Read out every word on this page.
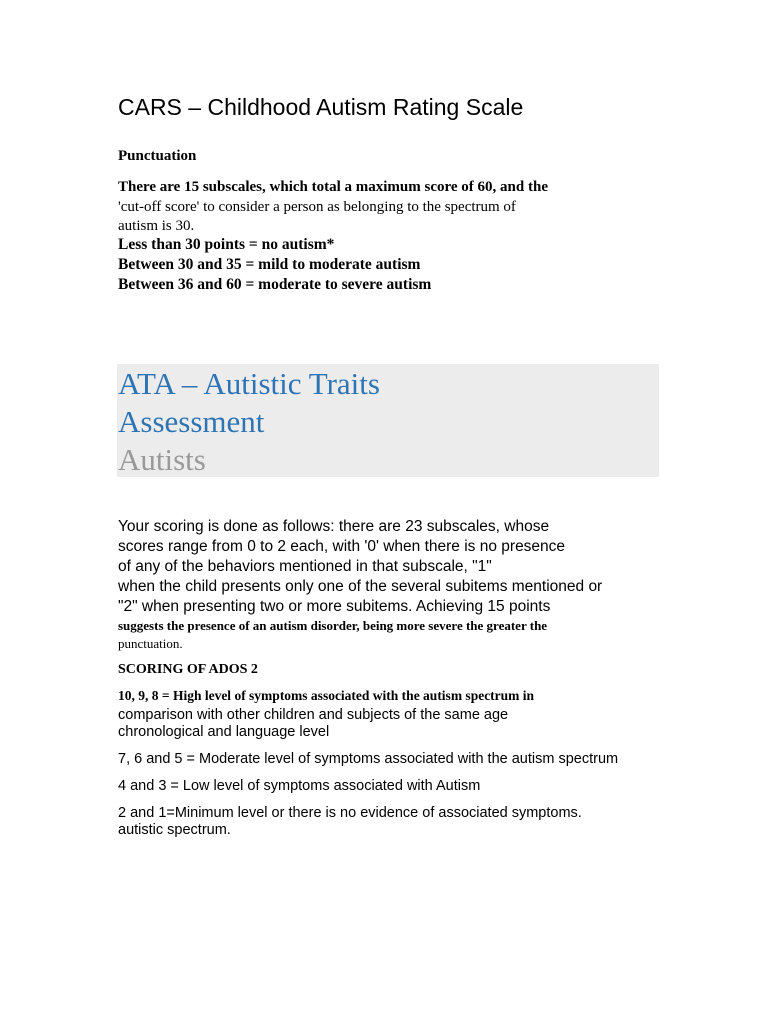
CARS – Childhood Autism Rating Scale
Punctuation
There are 15 subscales, which total a maximum score of 60, and the
'cut-off score' to consider a person as belonging to the spectrum of
autism is 30.
Less than 30 points = no autism*
Between 30 and 35 = mild to moderate autism
Between 36 and 60 = moderate to severe autism
ATA – Autistic Traits
Assessment
Autists
Your scoring is done as follows: there are 23 subscales, whose
scores range from 0 to 2 each, with '0' when there is no presence
of any of the behaviors mentioned in that subscale, "1"
when the child presents only one of the several subitems mentioned or
"2" when presenting two or more subitems. Achieving 15 points
suggests the presence of an autism disorder, being more severe the greater the
punctuation.
SCORING OF ADOS 2
10, 9, 8 = High level of symptoms associated with the autism spectrum in
comparison with other children and subjects of the same age
chronological and language level
7, 6 and 5 = Moderate level of symptoms associated with the autism spectrum
4 and 3 = Low level of symptoms associated with Autism
2 and 1=Minimum level or there is no evidence of associated symptoms.
autistic spectrum.
